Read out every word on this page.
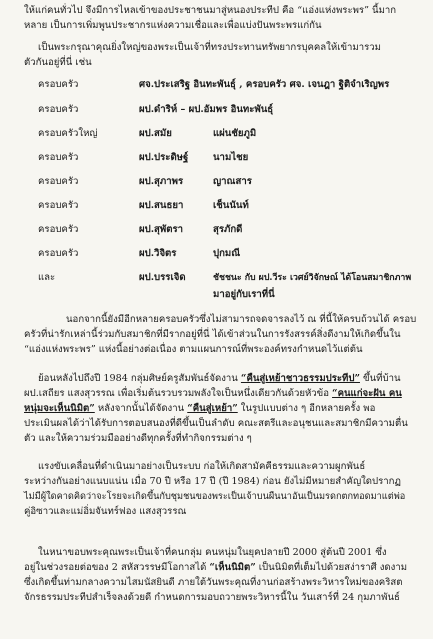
ให้แก่คนทั่วไป จึงมีการไหลเข้าของประชาชนมาสู่หนองประทีป คือ “แอ่งแห่งพระพร” นี้มาก
หลาย เป็นการเพิ่มพูนประชากรแห่งความเชื่อและเพื่อแบ่งปันพระพรแก่กัน
เป็นพระกรุณาคุณยิ่งใหญ่ของพระเป็นเจ้าที่ทรงประทานทรัพยากรบุคคลให้เข้ามารวม
ตัวกันอยู่ที่นี่ เช่น
ครอบครัว	ศจ.ประเสริฐ อินทะพันธุ์ , ครอบครัว ศจ. เจนฎา ฐิติจำเริญพร
ครอบครัว	ผป.ดำริห์ – ผป.อัมพร อินทะพันธุ์
ครอบครัวใหญ่	ผป.สมัย	แผ่นชัยภูมิ
ครอบครัว	ผป.ประดิษฐ์	นามไชย
ครอบครัว	ผป.สุภาพร	ญาณสาร
ครอบครัว	ผป.สนธยา	เช็นนันท์
ครอบครัว	ผป.สุพัตรา	สุรภักดี
ครอบครัว	ผป.วิจิตร	ปุกมณี
และ	ผป.บรรเจิด	ชัชชนะ กับ ผป.วีระ เวศย์วิจักษณ์ ได้โอนสมาชิกภาพ
มาอยู่กับเราที่นี่
นอกจากนี้ยังมีอีกหลายครอบครัวซึ่งไม่สามารถจดจารลงไว้ ณ ที่นี้ให้ครบถ้วนได้ ครอบ
ครัวที่น่ารักเหล่านี้ร่วมกับสมาชิกที่มีรากอยู่ที่นี่ ได้เข้าส่วนในการรังสรรค์สิ่งดีงามให้เกิดขึ้นใน
“แอ่งแห่งพระพร” แห่งนี้อย่างต่อเนื่อง ตามแผนการณ์ที่พระองค์ทรงกำหนดไว้แต่ต้น
ย้อนหลังไปถึงปี 1984 กลุ่มศิษย์ครูสัมพันธ์จัดงาน “คืนสู่เหย้าชาวธรรมประทีป” ขึ้นที่บ้าน
ผป.เสถียร แสงสุวรรณ เพื่อเริ่มต้นรวบรวมพลังใจเป็นหนึ่งเดียวกันด้วยหัวข้อ “คนแก่จะฝัน คน
หนุ่มจะเห็นนิมิต” หลังจากนั้นได้จัดงาน “คืนสู่เหย้า” ในรูปแบบต่าง ๆ อีกหลายครั้ง พอ
ประเมินผลได้ว่าได้รับการตอบสนองที่ดีขึ้นเป็นลำดับ คณะสตรีและอนุชนและสมาชิกมีความตื่น
ตัว และให้ความร่วมมืออย่างดีทุกครั้งที่ทำกิจกรรมต่าง ๆ
แรงขับเคลื่อนที่ดำเนินมาอย่างเป็นระบบ ก่อให้เกิดสามัคคีธรรมและความผูกพันธ์
ระหว่างกันอย่างแนบแน่น เมื่อ 70 ปี หรือ 17 ปี (ปี 1984) ก่อน ยังไม่มีหมายสำคัญใดปรากฏ
ไม่มีผู้ใดคาดคิดว่าจะโรยจะเกิดขึ้นกับชุมชนของพระเป็นเจ้าบนผืนนาอันเป็นมรดกตกทอดมาแต่พ่อ
คู่อิซาวและแม่อิ่มจันทร์ฟอง แสงสุวรรณ
ในหนาขอบพระคุณพระเป็นเจ้าที่คนกลุ่ม คนหนุ่มในยุคปลายปี 2000 สู่ต้นปี 2001 ซึ่ง
อยู่ในช่วงรอยต่อของ 2 สหัสวรรษมีโอกาสได้ “เห็นนิมิต” เป็นนิมิตที่เต็มไปด้วยสง่าราศี งดงาม
ซึ่งเกิดขึ้นท่ามกลางความไสมนัสยินดี ภายใต้วันพระคุณที่งานก่อสร้างพระวิหารใหม่ของคริสต
จักรธรรมประทีปสำเร็จลงด้วยดี กำหนดการมอบถวายพระวิหารนี้ใน วันเสาร์ที่ 24 กุมภาพันธ์
